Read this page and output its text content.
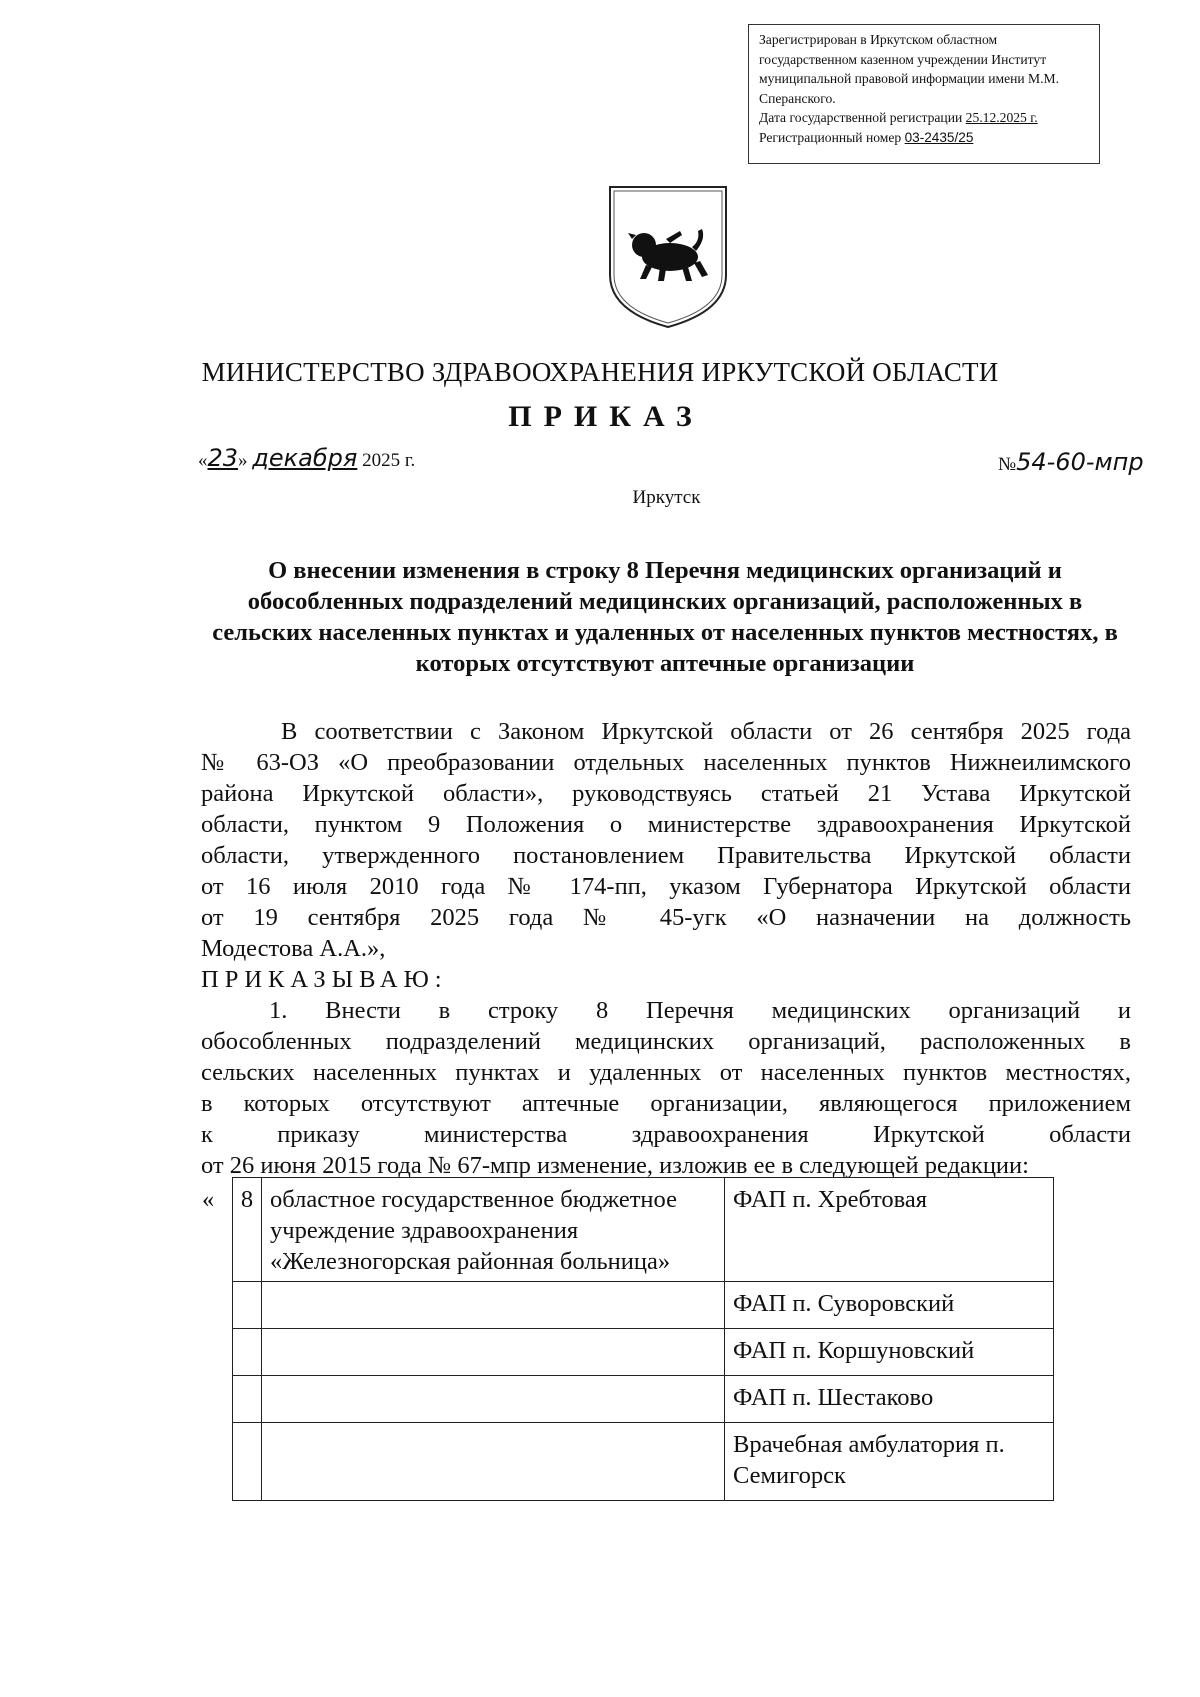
Зарегистрирован в Иркутском областном
государственном казенном учреждении Институт
муниципальной правовой информации имени М.М.
Сперанского.
Дата государственной регистрации 25.12.2025 г.
Регистрационный номер 03-2435/25
МИНИСТЕРСТВО ЗДРАВООХРАНЕНИЯ ИРКУТСКОЙ ОБЛАСТИ
ПРИКАЗ
«23» декабря 2025 г.	№54-60-мпр
Иркутск
О внесении изменения в строку 8 Перечня медицинских организаций и обособленных подразделений медицинских организаций, расположенных в сельских населенных пунктах и удаленных от населенных пунктов местностях, в которых отсутствуют аптечные организации

В соответствии с Законом Иркутской области от 26 сентября 2025 года

№ 63-ОЗ «О преобразовании отдельных населенных пунктов Нижнеилимского

района Иркутской области», руководствуясь статьей 21 Устава Иркутской

области, пунктом 9 Положения о министерстве здравоохранения Иркутской

области, утвержденного постановлением Правительства Иркутской области

от 16 июля 2010 года № 174-пп, указом Губернатора Иркутской области

от 19 сентября 2025 года № 45-угк «О назначении на должность

Модестова А.А.»,

ПРИКАЗЫВАЮ:

1. Внести в строку 8 Перечня медицинских организаций и

обособленных подразделений медицинских организаций, расположенных в

сельских населенных пунктах и удаленных от населенных пунктов местностях,

в которых отсутствуют аптечные организации, являющегося приложением

к приказу министерства здравоохранения Иркутской области

от 26 июня 2015 года № 67-мпр изменение, изложив ее в следующей редакции:

«	8	областное государственное бюджетное учреждение здравоохранения «Железногорская районная больница»	ФАП п. Хребтовая
			ФАП п. Суворовский
			ФАП п. Коршуновский
			ФАП п. Шестаково
			Врачебная амбулатория п. Семигорск
